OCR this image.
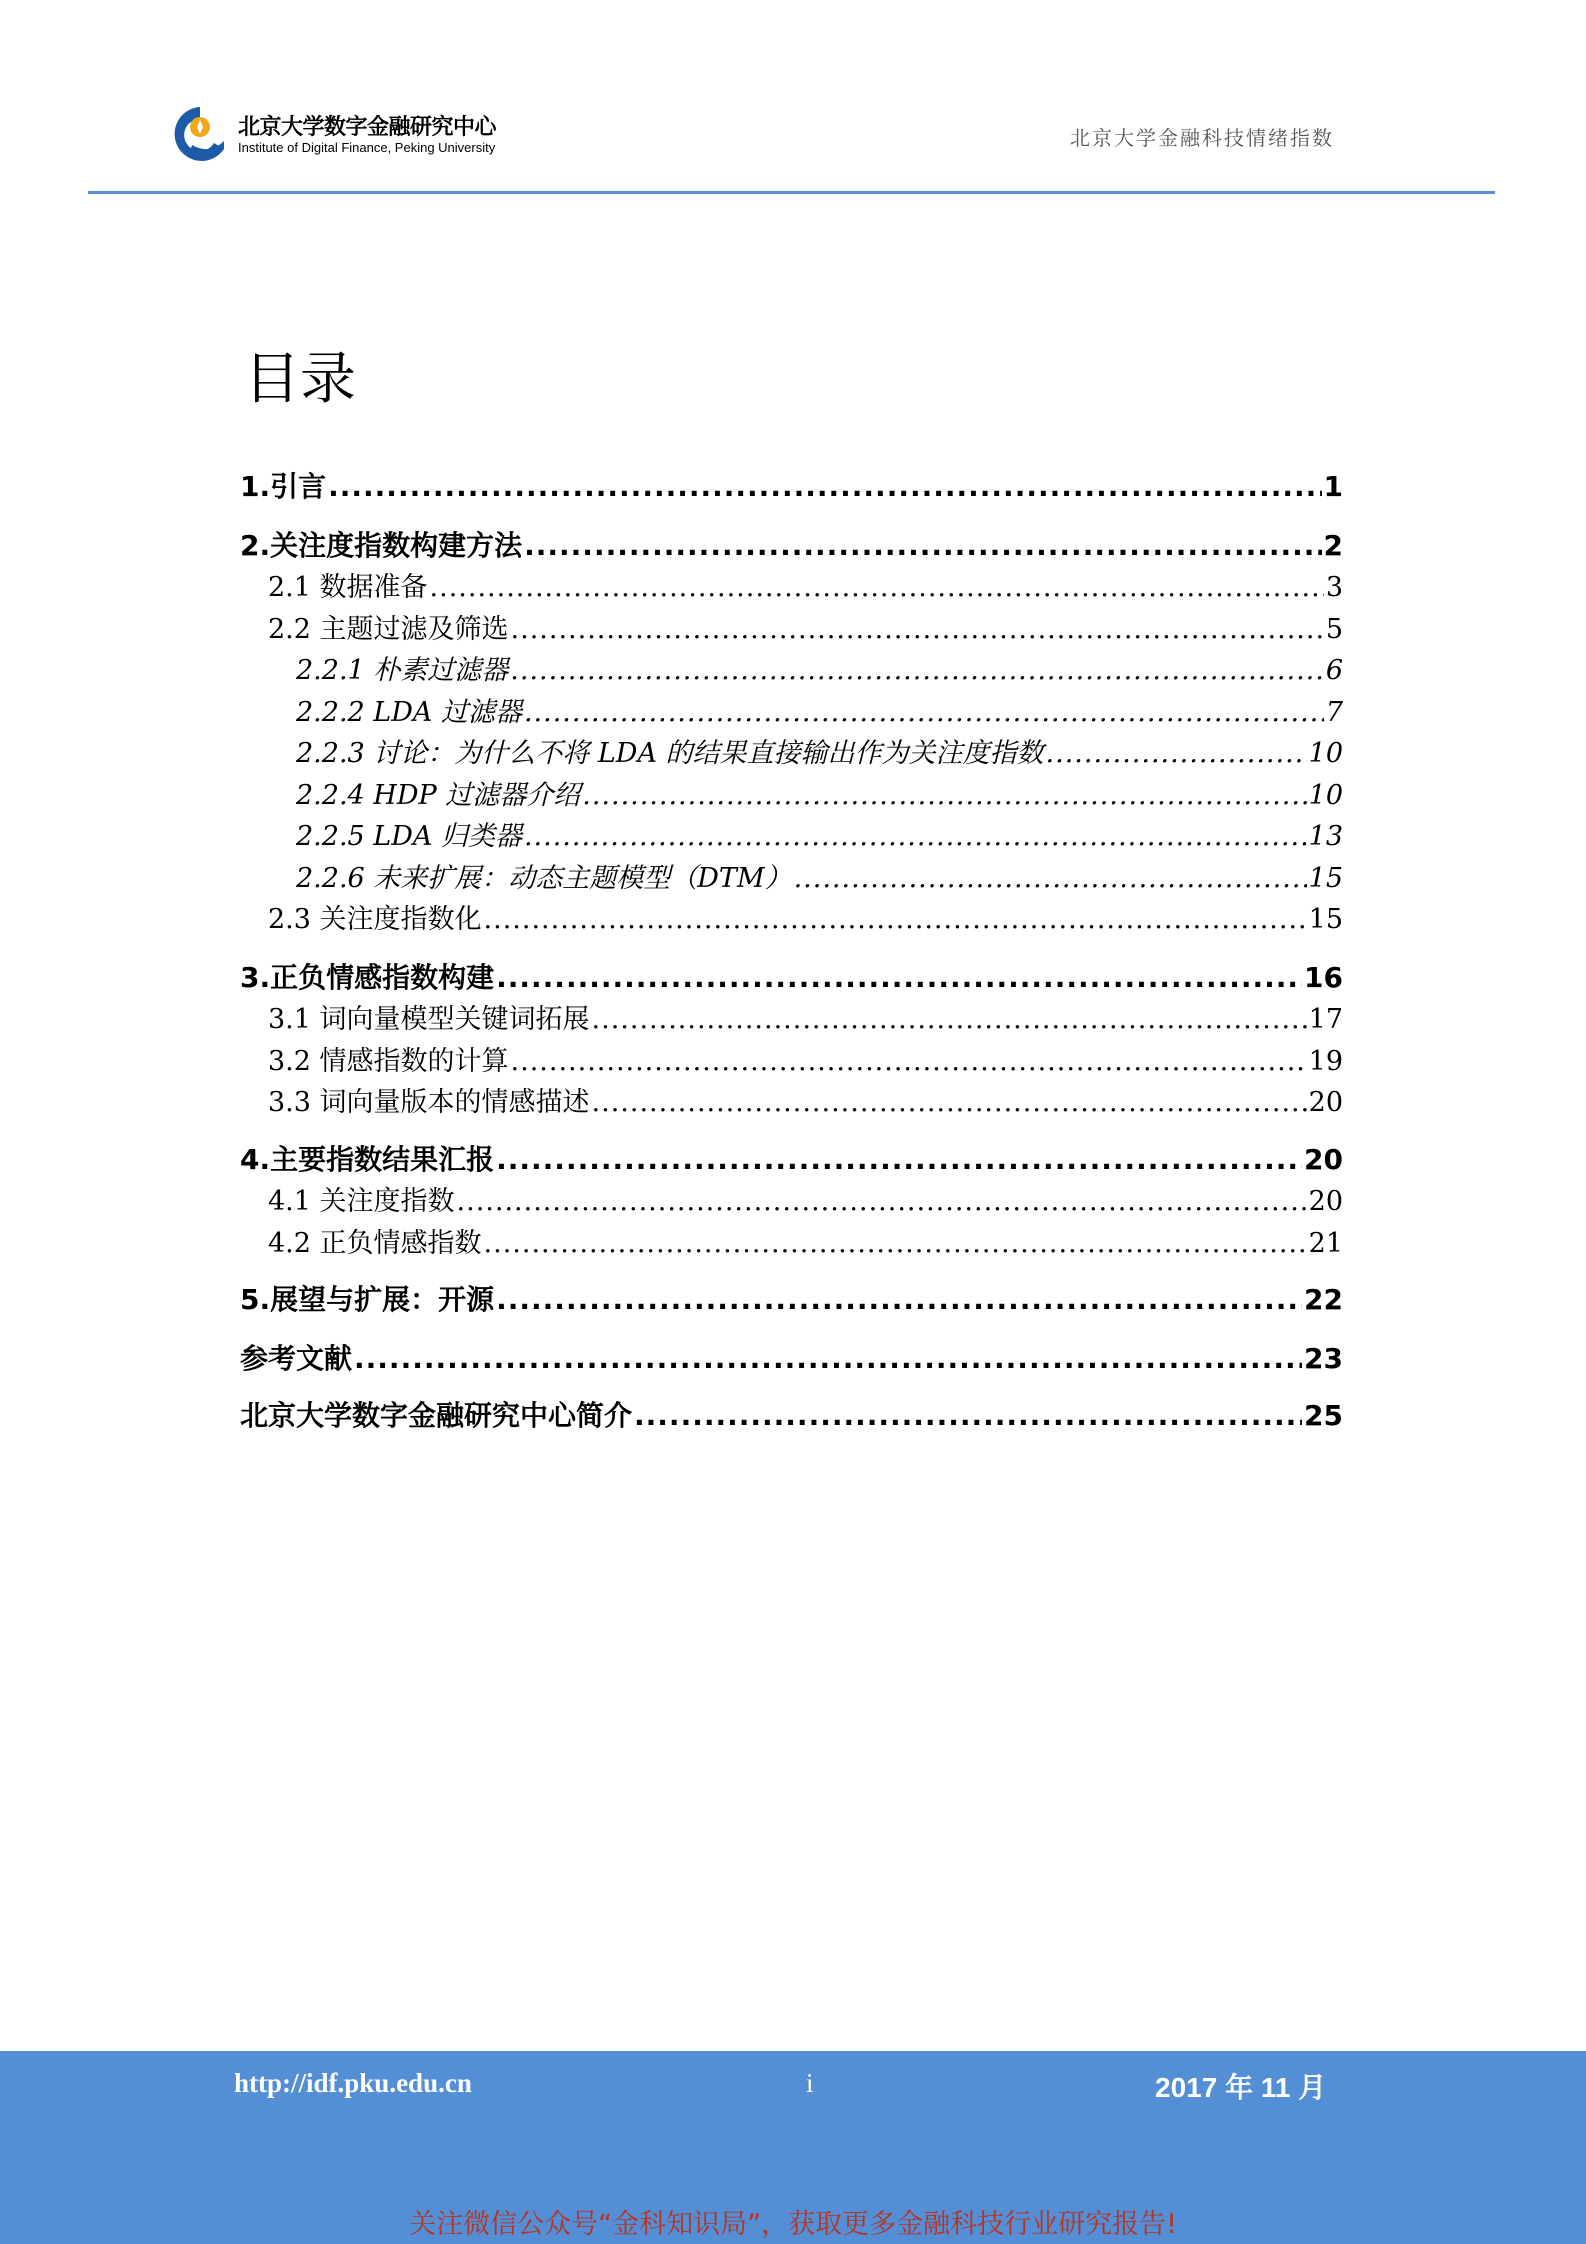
北京大学数字金融研究中心
Institute of Digital Finance, Peking University	北京大学金融科技情绪指数
目录
1.引言 .....	1
2.关注度指数构建方法 .....	2
2.1 数据准备 .....	3
2.2 主题过滤及筛选 .....	5
2.2.1 朴素过滤器 .....	6
2.2.2 LDA 过滤器 .....	7
2.2.3 讨论：为什么不将 LDA 的结果直接输出作为关注度指数 .....	10
2.2.4 HDP 过滤器介绍 .....	10
2.2.5 LDA 归类器 .....	13
2.2.6 未来扩展：动态主题模型（DTM） .....	15
2.3 关注度指数化 .....	15
3.正负情感指数构建 .....	16
3.1 词向量模型关键词拓展 .....	17
3.2 情感指数的计算 .....	19
3.3 词向量版本的情感描述 .....	20
4.主要指数结果汇报 .....	20
4.1 关注度指数 .....	20
4.2 正负情感指数 .....	21
5.展望与扩展：开源 .....	22
参考文献 .....	23
北京大学数字金融研究中心简介 .....	25
http://idf.pku.edu.cn	i	2017 年 11 月
关注微信公众号“金科知识局”，获取更多金融科技行业研究报告!
